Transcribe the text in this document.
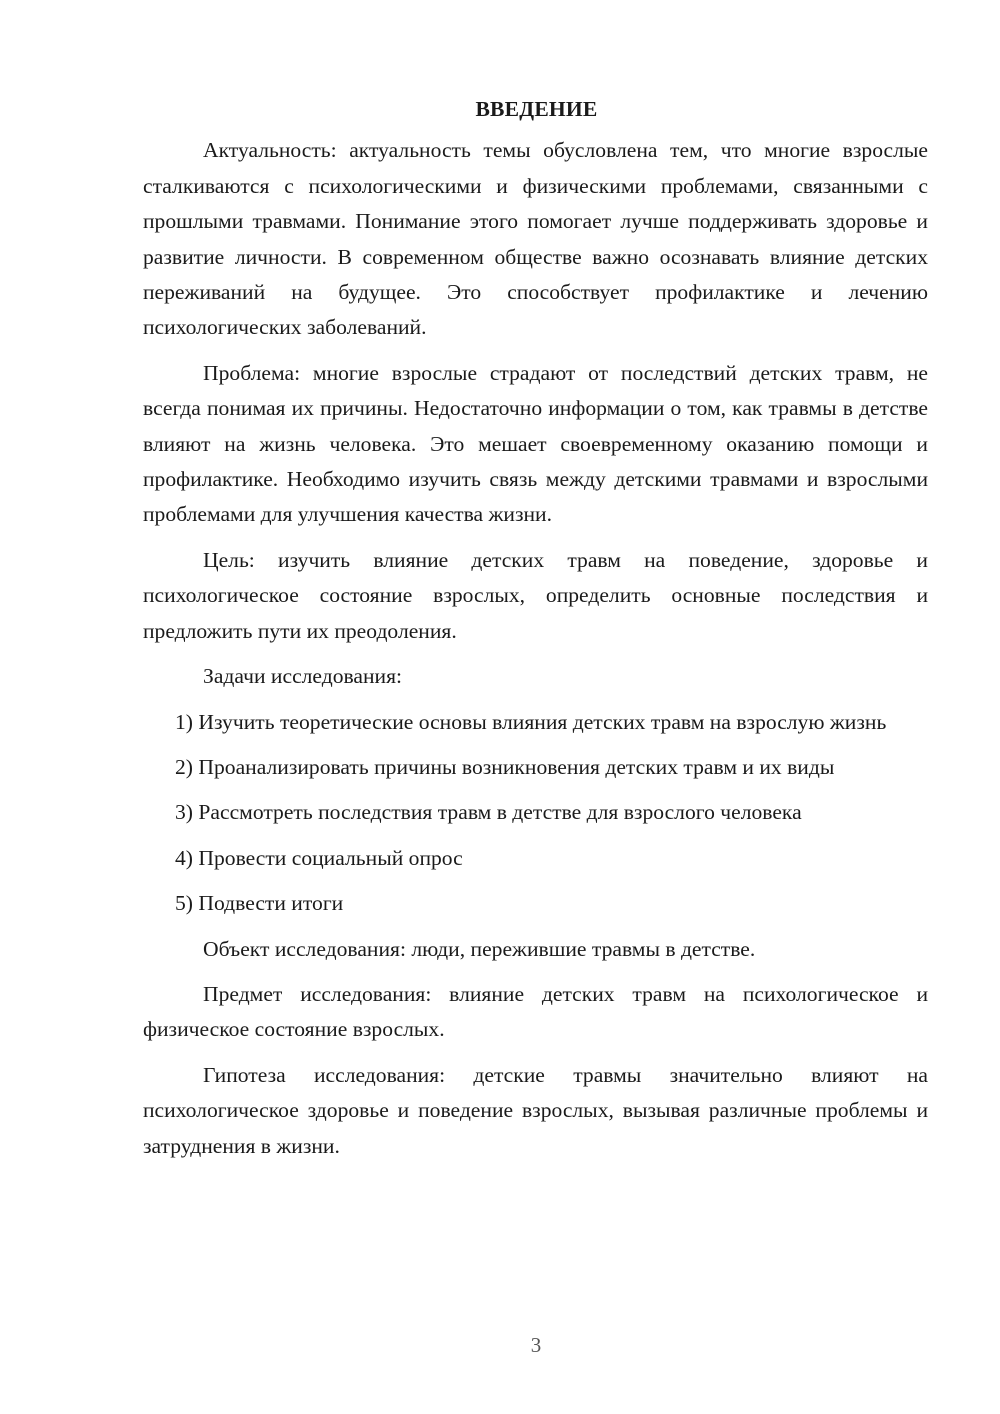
ВВЕДЕНИЕ

Актуальность: актуальность темы обусловлена тем, что многие взрослые сталкиваются с психологическими и физическими проблемами, связанными с прошлыми травмами. Понимание этого помогает лучше поддерживать здоровье и развитие личности. В современном обществе важно осознавать влияние детских переживаний на будущее. Это способствует профилактике и лечению психологических заболеваний.

Проблема: многие взрослые страдают от последствий детских травм, не всегда понимая их причины. Недостаточно информации о том, как травмы в детстве влияют на жизнь человека. Это мешает своевременному оказанию помощи и профилактике. Необходимо изучить связь между детскими травмами и взрослыми проблемами для улучшения качества жизни.

Цель: изучить влияние детских травм на поведение, здоровье и психологическое состояние взрослых, определить основные последствия и предложить пути их преодоления.

Задачи исследования:

1) Изучить теоретические основы влияния детских травм на взрослую жизнь

2) Проанализировать причины возникновения детских травм и их виды

3) Рассмотреть последствия травм в детстве для взрослого человека

4) Провести социальный опрос

5) Подвести итоги

Объект исследования: люди, пережившие травмы в детстве.

Предмет исследования: влияние детских травм на психологическое и физическое состояние взрослых.

Гипотеза исследования: детские травмы значительно влияют на психологическое здоровье и поведение взрослых, вызывая различные проблемы и затруднения в жизни.

3
